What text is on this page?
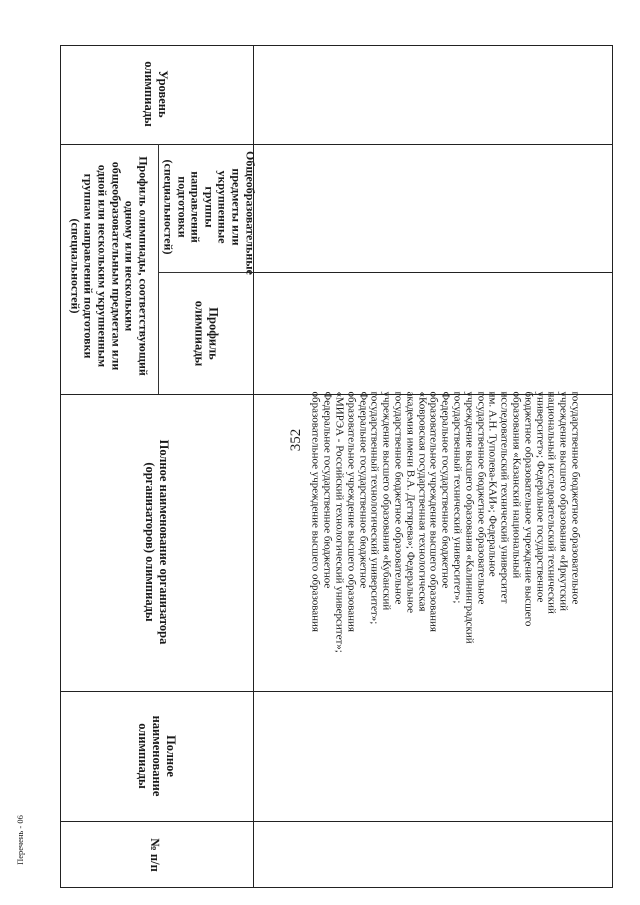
352
Перечень - 06
Уровень олимпиады
Профиль олимпиады, соответствующий одному или нескольким общеобразовательным предметам или одной или нескольким укрупненным группам направлений подготовки (специальностей)	Общеобразовательные предметы или укрупненные группы направлений подготовки (специальностей)
Профиль олимпиады
Полное наименование организатора (организаторов) олимпиады
Полное наименование олимпиады
№ п/п
государственное бюджетное образовательное
учреждение высшего образования «Иркутский
национальный исследовательский технический
университет»; Федеральное государственное
бюджетное образовательное учреждение высшего
образования «Казанский национальный
исследовательский технический университет
им. А.Н. Туполева-КАИ»; Федеральное
государственное бюджетное образовательное
учреждение высшего образования «Калининградский
государственный технический университет»;
Федеральное государственное бюджетное
образовательное учреждение высшего образования
«Ковровская государственная технологическая
академия имени В.А. Дегтярева»; Федеральное
государственное бюджетное образовательное
учреждение высшего образования «Кубанский
государственный технологический университет»;
Федеральное государственное бюджетное
образовательное учреждение высшего образования
«МИРЭА - Российский технологический университет»;
Федеральное государственное бюджетное
образовательное учреждение высшего образования
